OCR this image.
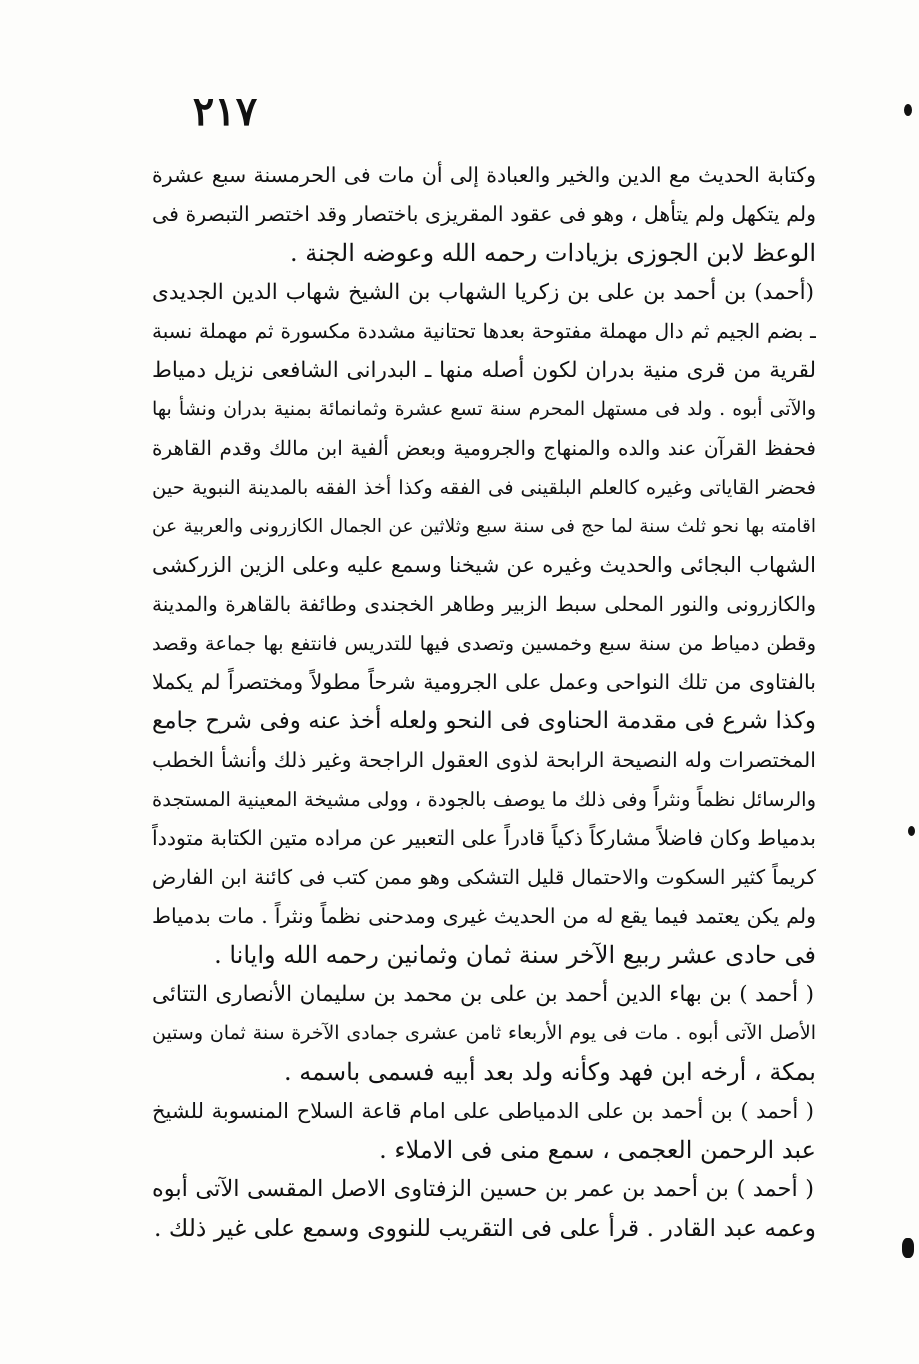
٢١٧
وكتابة الحديث مع الدين والخير والعبادة إلى أن مات فى الحرمسنة سبع عشرة
ولم يتكهل ولم يتأهل ، وهو فى عقود المقريزى باختصار وقد اختصر التبصرة فى
الوعظ لابن الجوزى بزيادات رحمه الله وعوضه الجنة .
(أحمد) بن أحمد بن على بن زكريا الشهاب بن الشيخ شهاب الدين الجديدى
ـ بضم الجيم ثم دال مهملة مفتوحة بعدها تحتانية مشددة مكسورة ثم مهملة نسبة
لقرية من قرى منية بدران لكون أصله منها ـ البدرانى الشافعى نزيل دمياط
والآتى أبوه . ولد فى مستهل المحرم سنة تسع عشرة وثمانمائة بمنية بدران ونشأ بها
فحفظ القرآن عند والده والمنهاج والجرومية وبعض ألفية ابن مالك وقدم القاهرة
فحضر القاياتى وغيره كالعلم البلقينى فى الفقه وكذا أخذ الفقه بالمدينة النبوية حين
اقامته بها نحو ثلث سنة لما حج فى سنة سبع وثلاثين عن الجمال الكازرونى والعربية عن
الشهاب البجائى والحديث وغيره عن شيخنا وسمع عليه وعلى الزين الزركشى
والكازرونى والنور المحلى سبط الزبير وطاهر الخجندى وطائفة بالقاهرة والمدينة
وقطن دمياط من سنة سبع وخمسين وتصدى فيها للتدريس فانتفع بها جماعة وقصد
بالفتاوى من تلك النواحى وعمل على الجرومية شرحاً مطولاً ومختصراً لم يكملا
وكذا شرع فى مقدمة الحناوى فى النحو ولعله أخذ عنه وفى شرح جامع
المختصرات وله النصيحة الرابحة لذوى العقول الراجحة وغير ذلك وأنشأ الخطب
والرسائل نظماً ونثراً وفى ذلك ما يوصف بالجودة ، وولى مشيخة المعينية المستجدة
بدمياط وكان فاضلاً مشاركاً ذكياً قادراً على التعبير عن مراده متين الكتابة متودداً
كريماً كثير السكوت والاحتمال قليل التشكى وهو ممن كتب فى كائنة ابن الفارض
ولم يكن يعتمد فيما يقع له من الحديث غيرى ومدحنى نظماً ونثراً . مات بدمياط
فى حادى عشر ربيع الآخر سنة ثمان وثمانين رحمه الله وايانا .
( أحمد ) بن بهاء الدين أحمد بن على بن محمد بن سليمان الأنصارى التتائى
الأصل الآتى أبوه . مات فى يوم الأربعاء ثامن عشرى جمادى الآخرة سنة ثمان وستين
بمكة ، أرخه ابن فهد وكأنه ولد بعد أبيه فسمى باسمه .
( أحمد ) بن أحمد بن على الدمياطى على امام قاعة السلاح المنسوبة للشيخ
عبد الرحمن العجمى ، سمع منى فى الاملاء .
( أحمد ) بن أحمد بن عمر بن حسين الزفتاوى الاصل المقسى الآتى أبوه
وعمه عبد القادر . قرأ على فى التقريب للنووى وسمع على غير ذلك .
